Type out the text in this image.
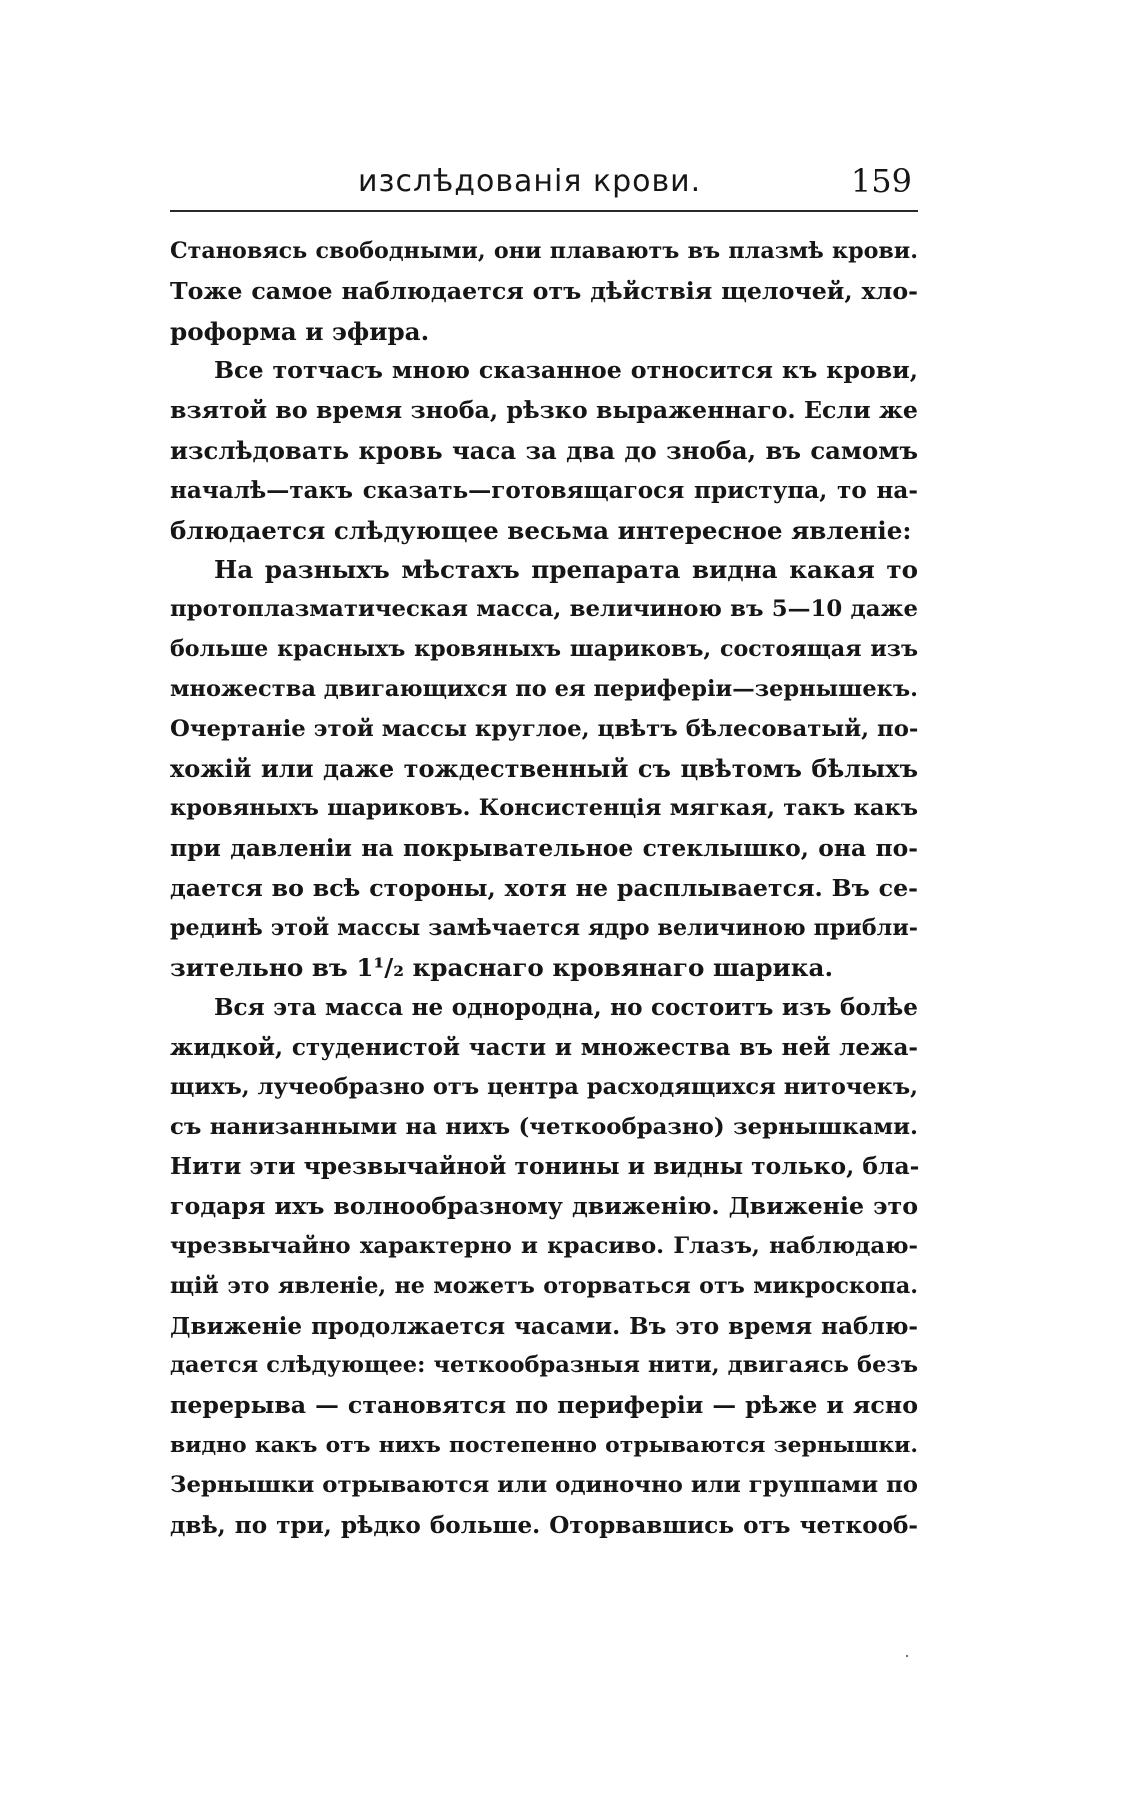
изслѣдованія крови.	159
Становясь свободными, они плаваютъ въ плазмѣ крови.
Тоже самое наблюдается отъ дѣйствія щелочей, хло-
роформа и эфира.
Все тотчасъ мною сказанное относится къ крови,
взятой во время зноба, рѣзко выраженнаго. Если же
изслѣдовать кровь часа за два до зноба, въ самомъ
началѣ—такъ сказать—готовящагося приступа, то на-
блюдается слѣдующее весьма интересное явленіе:
На разныхъ мѣстахъ препарата видна какая то
протоплазматическая масса, величиною въ 5—10 даже
больше красныхъ кровяныхъ шариковъ, состоящая изъ
множества двигающихся по ея периферіи—зернышекъ.
Очертаніе этой массы круглое, цвѣтъ бѣлесоватый, по-
хожій или даже тождественный съ цвѣтомъ бѣлыхъ
кровяныхъ шариковъ. Консистенція мягкая, такъ какъ
при давленіи на покрывательное стеклышко, она по-
дается во всѣ стороны, хотя не расплывается. Въ се-
рединѣ этой массы замѣчается ядро величиною прибли-
зительно въ 1¹/₂ краснаго кровянаго шарика.
Вся эта масса не однородна, но состоитъ изъ болѣе
жидкой, студенистой части и множества въ ней лежа-
щихъ, лучеобразно отъ центра расходящихся ниточекъ,
съ нанизанными на нихъ (четкообразно) зернышками.
Нити эти чрезвычайной тонины и видны только, бла-
годаря ихъ волнообразному движенію. Движеніе это
чрезвычайно характерно и красиво. Глазъ, наблюдаю-
щій это явленіе, не можетъ оторваться отъ микроскопа.
Движеніе продолжается часами. Въ это время наблю-
дается слѣдующее: четкообразныя нити, двигаясь безъ
перерыва — становятся по периферіи — рѣже и ясно
видно какъ отъ нихъ постепенно отрываются зернышки.
Зернышки отрываются или одиночно или группами по
двѣ, по три, рѣдко больше. Оторвавшись отъ четкооб-
